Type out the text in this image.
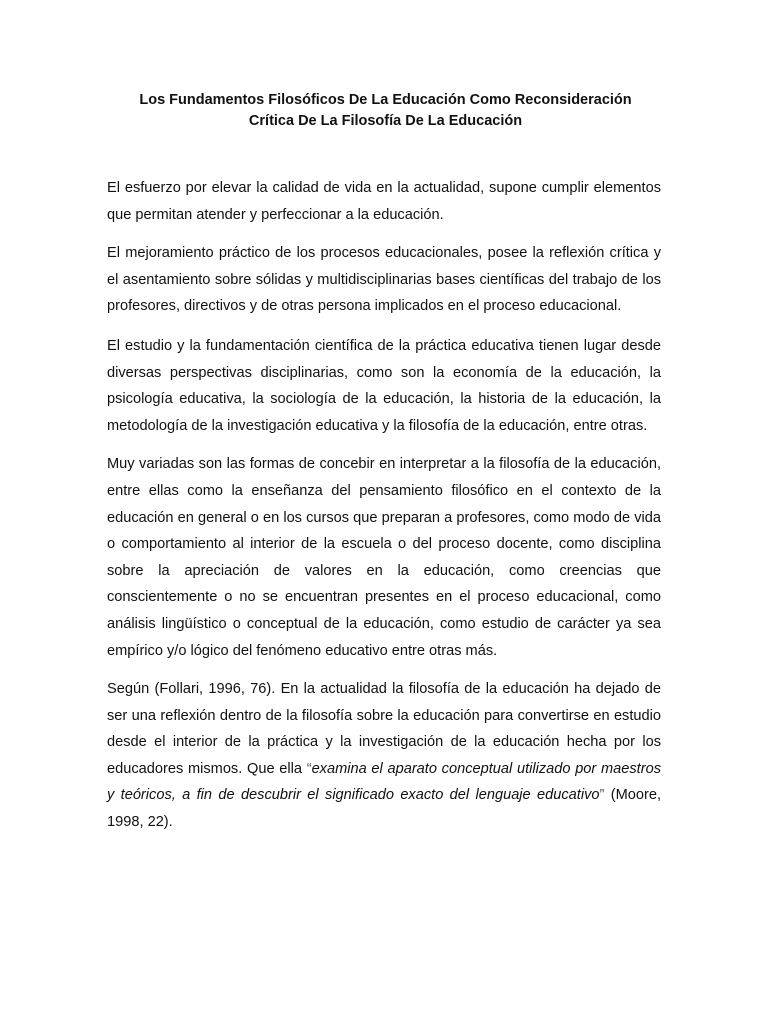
Los Fundamentos Filosóficos De La Educación Como Reconsideración
Crítica De La Filosofía De La Educación

El esfuerzo por elevar la calidad de vida en la actualidad, supone cumplir elementos que permitan atender y perfeccionar a la educación.

El mejoramiento práctico de los procesos educacionales, posee la reflexión crítica y el asentamiento sobre sólidas y multidisciplinarias bases científicas del trabajo de los profesores, directivos y de otras persona implicados en el proceso educacional.

El estudio y la fundamentación científica de la práctica educativa tienen lugar desde diversas perspectivas disciplinarias, como son la economía de la educación, la psicología educativa, la sociología de la educación, la historia de la educación, la metodología de la investigación educativa y la filosofía de la educación, entre otras.

Muy variadas son las formas de concebir en interpretar a la filosofía de la educación, entre ellas como la enseñanza del pensamiento filosófico en el contexto de la educación en general o en los cursos que preparan a profesores, como modo de vida o comportamiento al interior de la escuela o del proceso docente, como disciplina sobre la apreciación de valores en la educación, como creencias que conscientemente o no se encuentran presentes en el proceso educacional, como análisis lingüístico o conceptual de la educación, como estudio de carácter ya sea empírico y/o lógico del fenómeno educativo entre otras más.

Según (Follari, 1996, 76). En la actualidad la filosofía de la educación ha dejado de ser una reflexión dentro de la filosofía sobre la educación para convertirse en estudio desde el interior de la práctica y la investigación de la educación hecha por los educadores mismos. Que ella “examina el aparato conceptual utilizado por maestros y teóricos, a fin de descubrir el significado exacto del lenguaje educativo” (Moore, 1998, 22).
